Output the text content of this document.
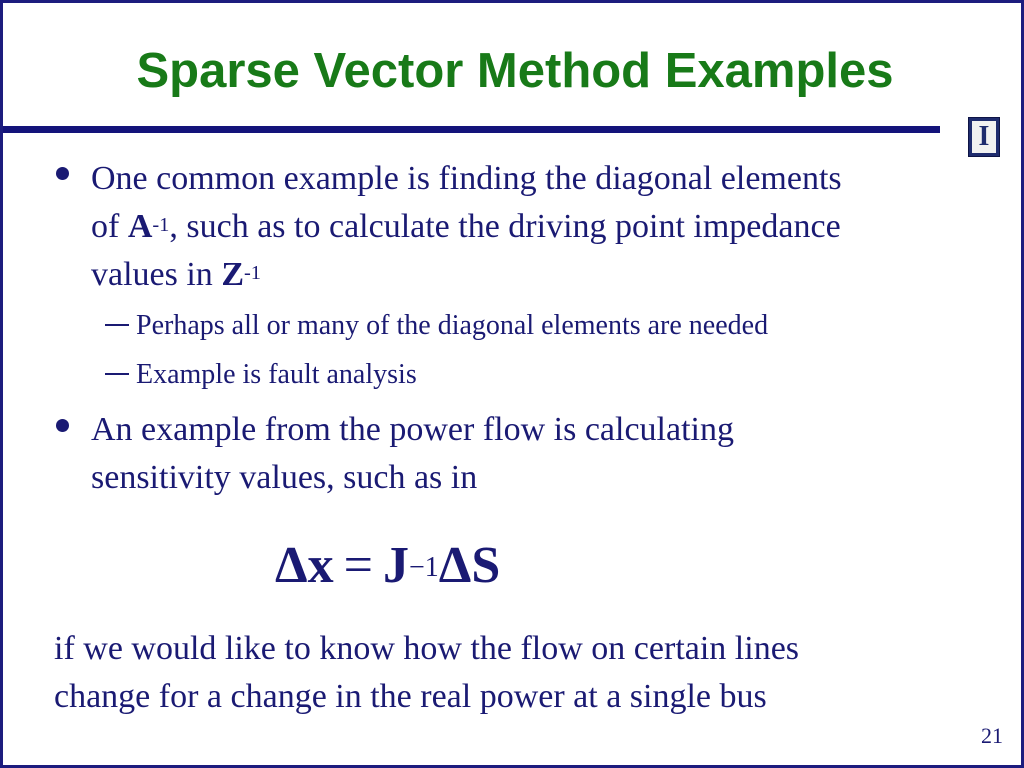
Sparse Vector Method Examples
I
One common example is finding the diagonal elements
of $A^{-1}$, such as to calculate the driving point impedance
values in $Z^{-1}$
Perhaps all or many of the diagonal elements are needed
Example is fault analysis
An example from the power flow is calculating
sensitivity values, such as in
$\Delta x = J^{-1}\Delta S$
if we would like to know how the flow on certain lines
change for a change in the real power at a single bus
21
